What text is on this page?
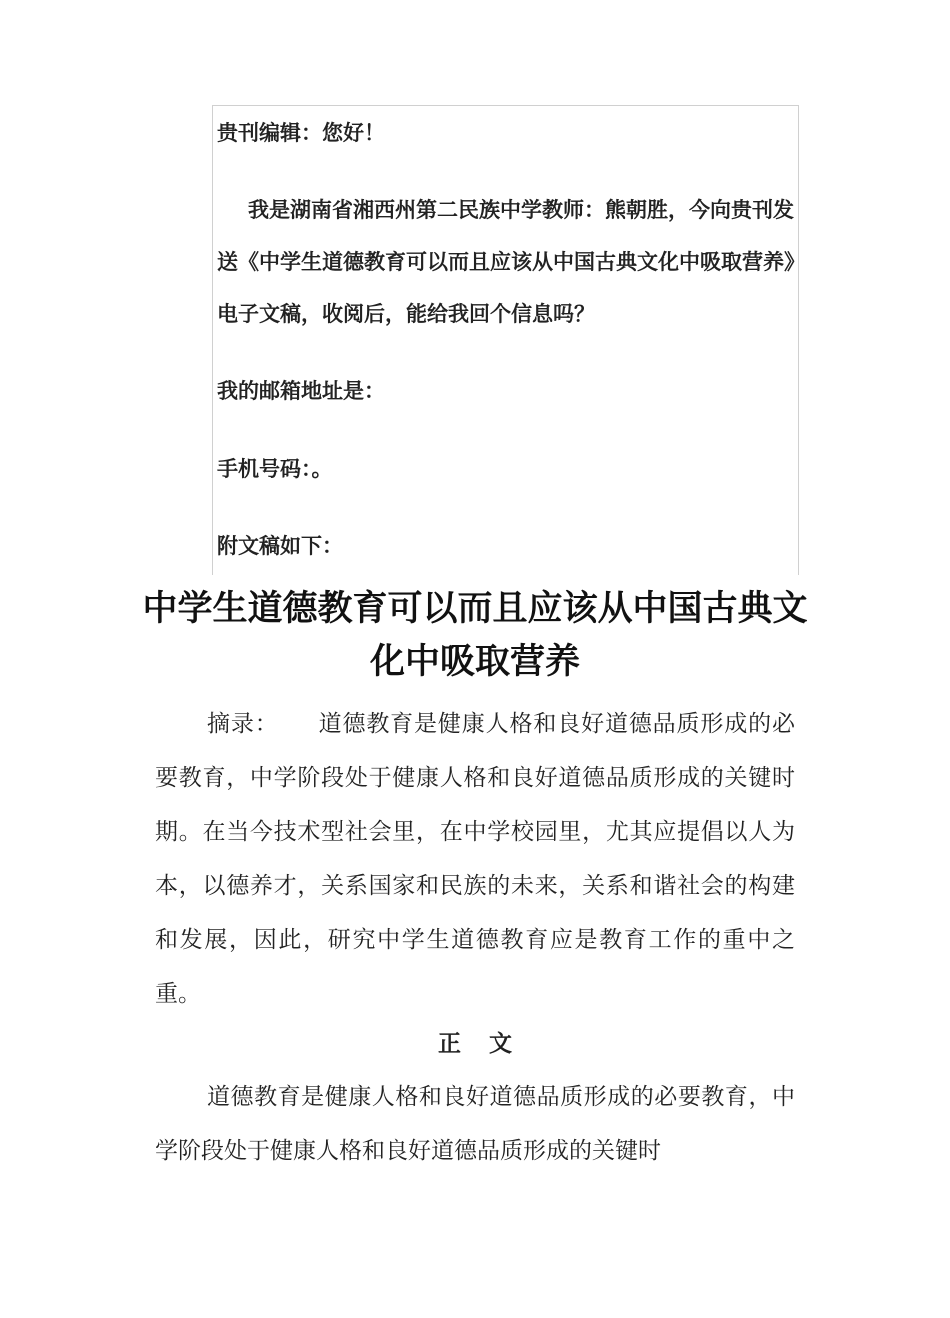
贵刊编辑：您好！

我是湖南省湘西州第二民族中学教师：熊朝胜，今向贵刊发送《中学生道德教育可以而且应该从中国古典文化中吸取营养》电子文稿，收阅后，能给我回个信息吗？

我的邮箱地址是：

手机号码：。

附文稿如下：

中学生道德教育可以而且应该从中国古典文化中吸取营养

摘录： 道德教育是健康人格和良好道德品质形成的必要教育，中学阶段处于健康人格和良好道德品质形成的关键时期。在当今技术型社会里，在中学校园里，尤其应提倡以人为本，以德养才，关系国家和民族的未来，关系和谐社会的构建和发展，因此，研究中学生道德教育应是教育工作的重中之重。

正文

道德教育是健康人格和良好道德品质形成的必要教育，中学阶段处于健康人格和良好道德品质形成的关键时
